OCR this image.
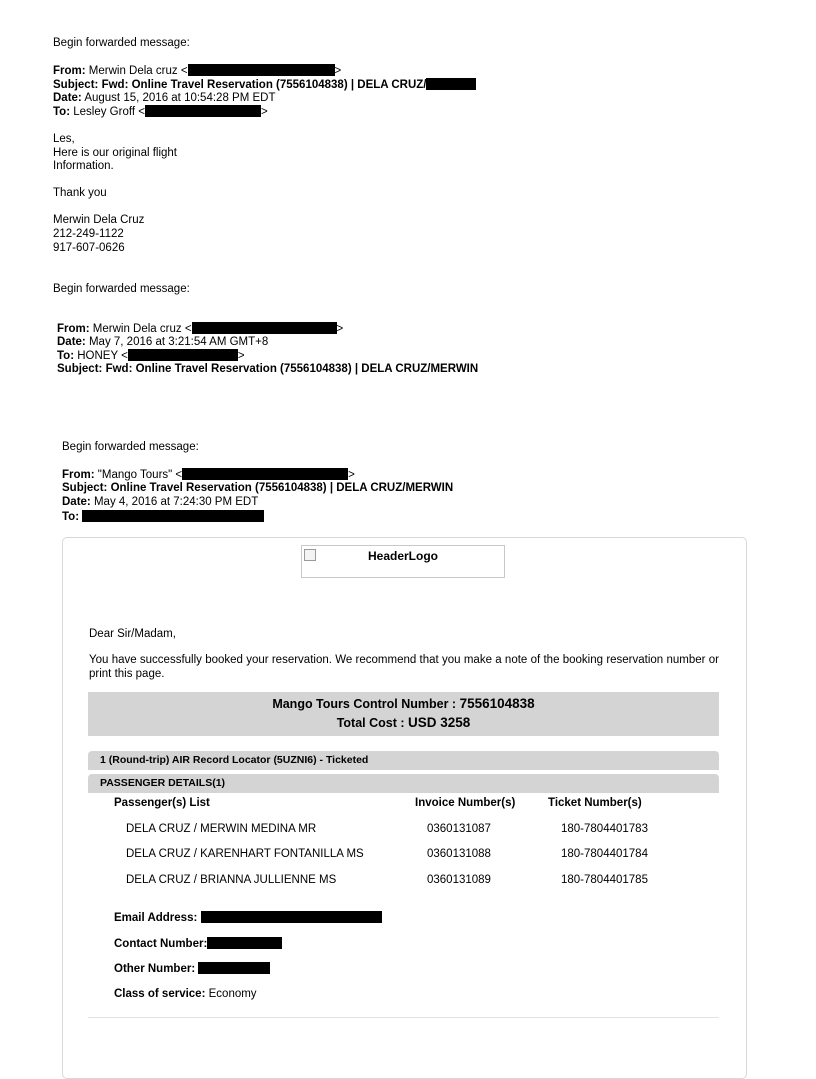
Begin forwarded message:
From: Merwin Dela cruz <	>
Subject: Fwd: Online Travel Reservation (7556104838) | DELA CRUZ/
Date: August 15, 2016 at 10:54:28 PM EDT
To: Lesley Groff <	>
Les,
Here is our original flight
Information.
Thank you
Merwin Dela Cruz
212-249-1122
917-607-0626
Begin forwarded message:
From: Merwin Dela cruz <	>
Date: May 7, 2016 at 3:21:54 AM GMT+8
To: HONEY <	>
Subject: Fwd: Online Travel Reservation (7556104838) | DELA CRUZ/MERWIN
Begin forwarded message:
From: "Mango Tours" <	>
Subject: Online Travel Reservation (7556104838) | DELA CRUZ/MERWIN
Date: May 4, 2016 at 7:24:30 PM EDT
To:
HeaderLogo
Dear Sir/Madam,

You have successfully booked your reservation. We recommend that you make a note of the booking reservation number or print this page.

Mango Tours Control Number : 7556104838
Total Cost : USD 3258
1 (Round-trip) AIR Record Locator (5UZNI6) - Ticketed
PASSENGER DETAILS(1)
Passenger(s) List	Invoice Number(s)	Ticket Number(s)
DELA CRUZ / MERWIN MEDINA MR	0360131087	180-7804401783
DELA CRUZ / KARENHART FONTANILLA MS	0360131088	180-7804401784
DELA CRUZ / BRIANNA JULLIENNE MS	0360131089	180-7804401785
Email Address:
Contact Number:
Other Number:
Class of service: Economy
